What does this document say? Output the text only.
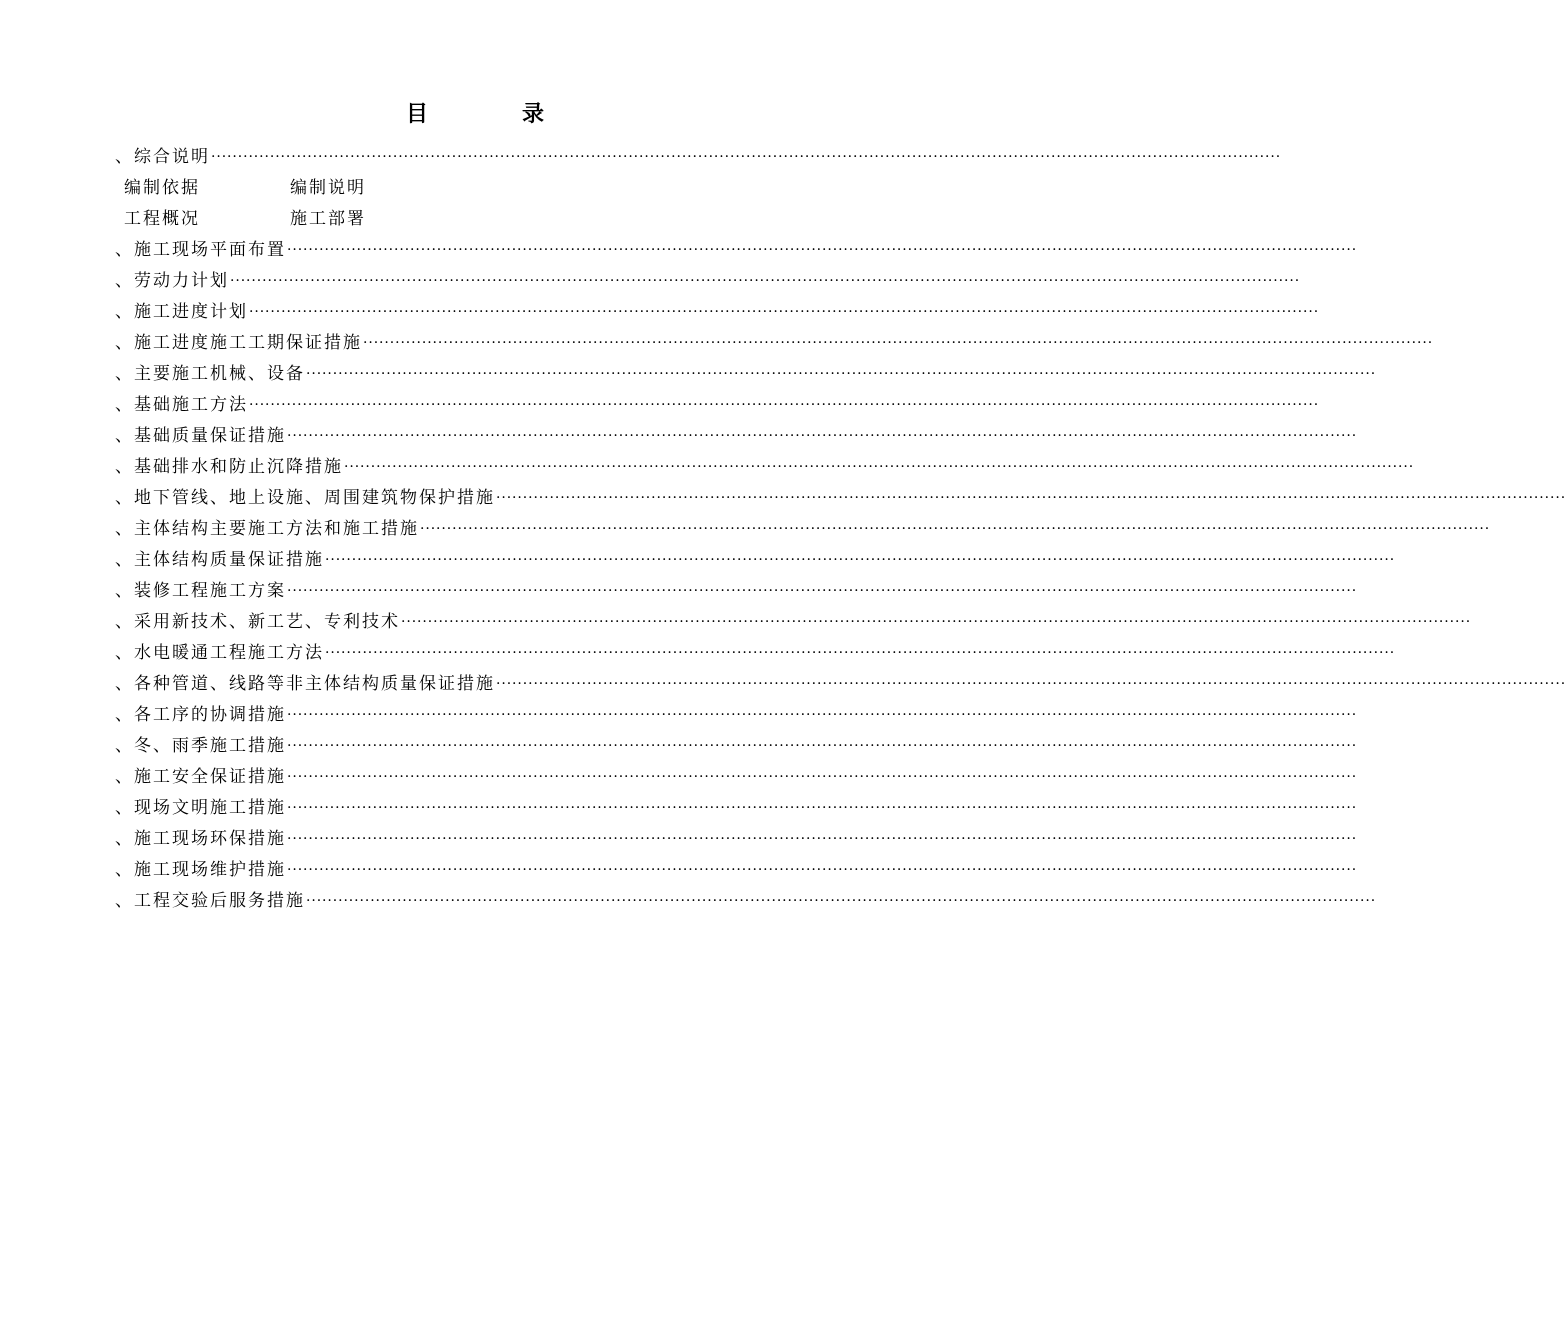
目　录
、综合说明 ········································································································································································································
编制依据	编制说明
工程概况	施工部署
、施工现场平面布置 ········································································································································································································
、劳动力计划 ········································································································································································································
、施工进度计划 ········································································································································································································
、施工进度施工工期保证措施 ········································································································································································································
、主要施工机械、设备 ········································································································································································································
、基础施工方法 ········································································································································································································
、基础质量保证措施 ········································································································································································································
、基础排水和防止沉降措施 ········································································································································································································
、地下管线、地上设施、周围建筑物保护措施 ········································································································································································································
、主体结构主要施工方法和施工措施 ········································································································································································································
、主体结构质量保证措施 ········································································································································································································
、装修工程施工方案 ········································································································································································································
、采用新技术、新工艺、专利技术 ········································································································································································································
、水电暖通工程施工方法 ········································································································································································································
、各种管道、线路等非主体结构质量保证措施 ········································································································································································································
、各工序的协调措施 ········································································································································································································
、冬、雨季施工措施 ········································································································································································································
、施工安全保证措施 ········································································································································································································
、现场文明施工措施 ········································································································································································································
、施工现场环保措施 ········································································································································································································
、施工现场维护措施 ········································································································································································································
、工程交验后服务措施 ········································································································································································································
